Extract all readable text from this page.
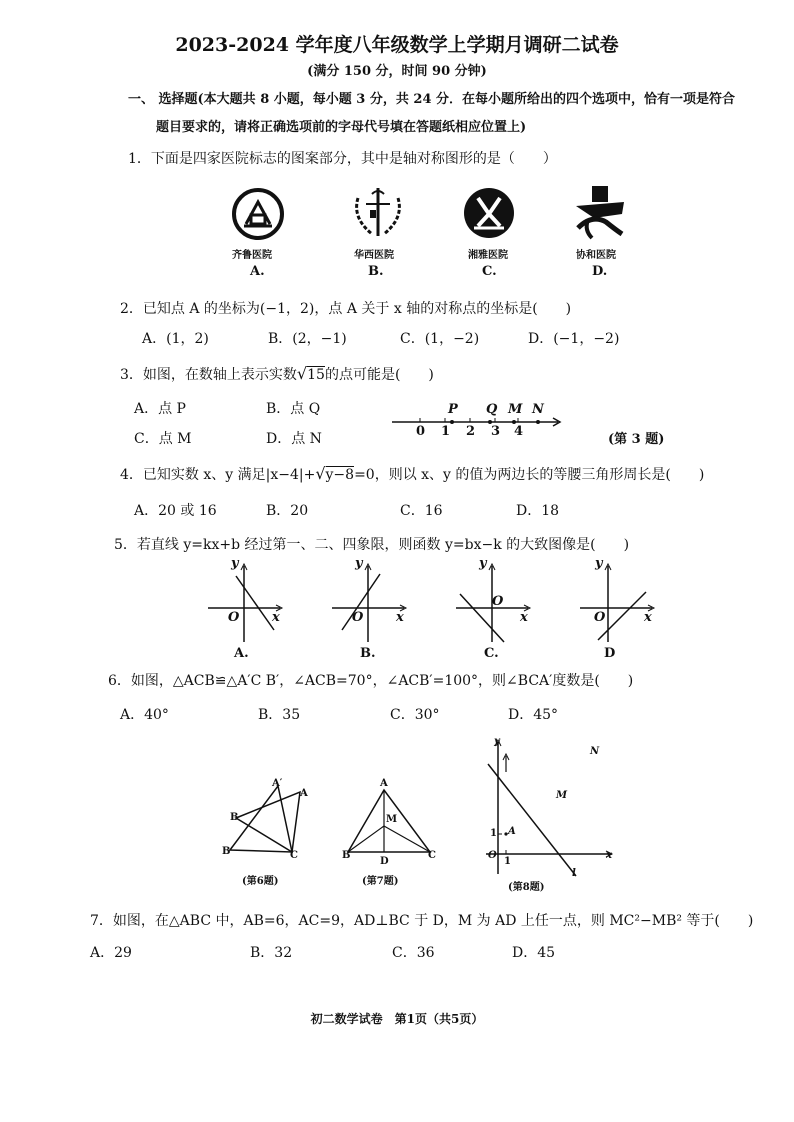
2023-2024 学年度八年级数学上学期月调研二试卷
(满分 150 分，时间 90 分钟)
一、 选择题(本大题共 8 小题，每小题 3 分，共 24 分．在每小题所给出的四个选项中，恰有一项是符合
题目要求的，请将正确选项前的字母代号填在答题纸相应位置上)
1．下面是四家医院标志的图案部分，其中是轴对称图形的是（　　）
齐鲁医院	华西医院	湘雅医院	协和医院
A.	B.	C.	D.
2．已知点 A 的坐标为(−1，2)，点 A 关于 x 轴的对称点的坐标是(　　)
A．(1，2)	B．(2，−1)	C．(1，−2)	D．(−1，−2)
3．如图，在数轴上表示实数√15的点可能是(　　)
A．点 P	B．点 Q
C．点 M	D．点 N
P Q M N
0 1 2 3 4
(第 3 题)
4．已知实数 x、y 满足|x−4|+√y−8=0，则以 x、y 的值为两边长的等腰三角形周长是(　　)
A．20 或 16	B．20	C．16	D．18
5．若直线 y=kx+b 经过第一、二、四象限，则函数 y=bx−k 的大致图像是(　　)
y	y	y	y
x	x	x	x
O	O
O
O
A.	B.	C.	D
6．如图，△ACB≌△A′C B′，∠ACB=70°，∠ACB′=100°，则∠BCA′度数是(　　)
A．40°	B．35	C．30°	D．45°
A′
A
B
B′	C
(第6题)
A
M
B
D
C
(第7题)
y
x
O
1
1 A
M
N
l
(第8题)
7．如图，在△ABC 中，AB=6，AC=9，AD⊥BC 于 D，M 为 AD 上任一点，则 MC²−MB² 等于(　　)
A．29	B．32	C．36	D．45
初二数学试卷　第1页（共5页）
